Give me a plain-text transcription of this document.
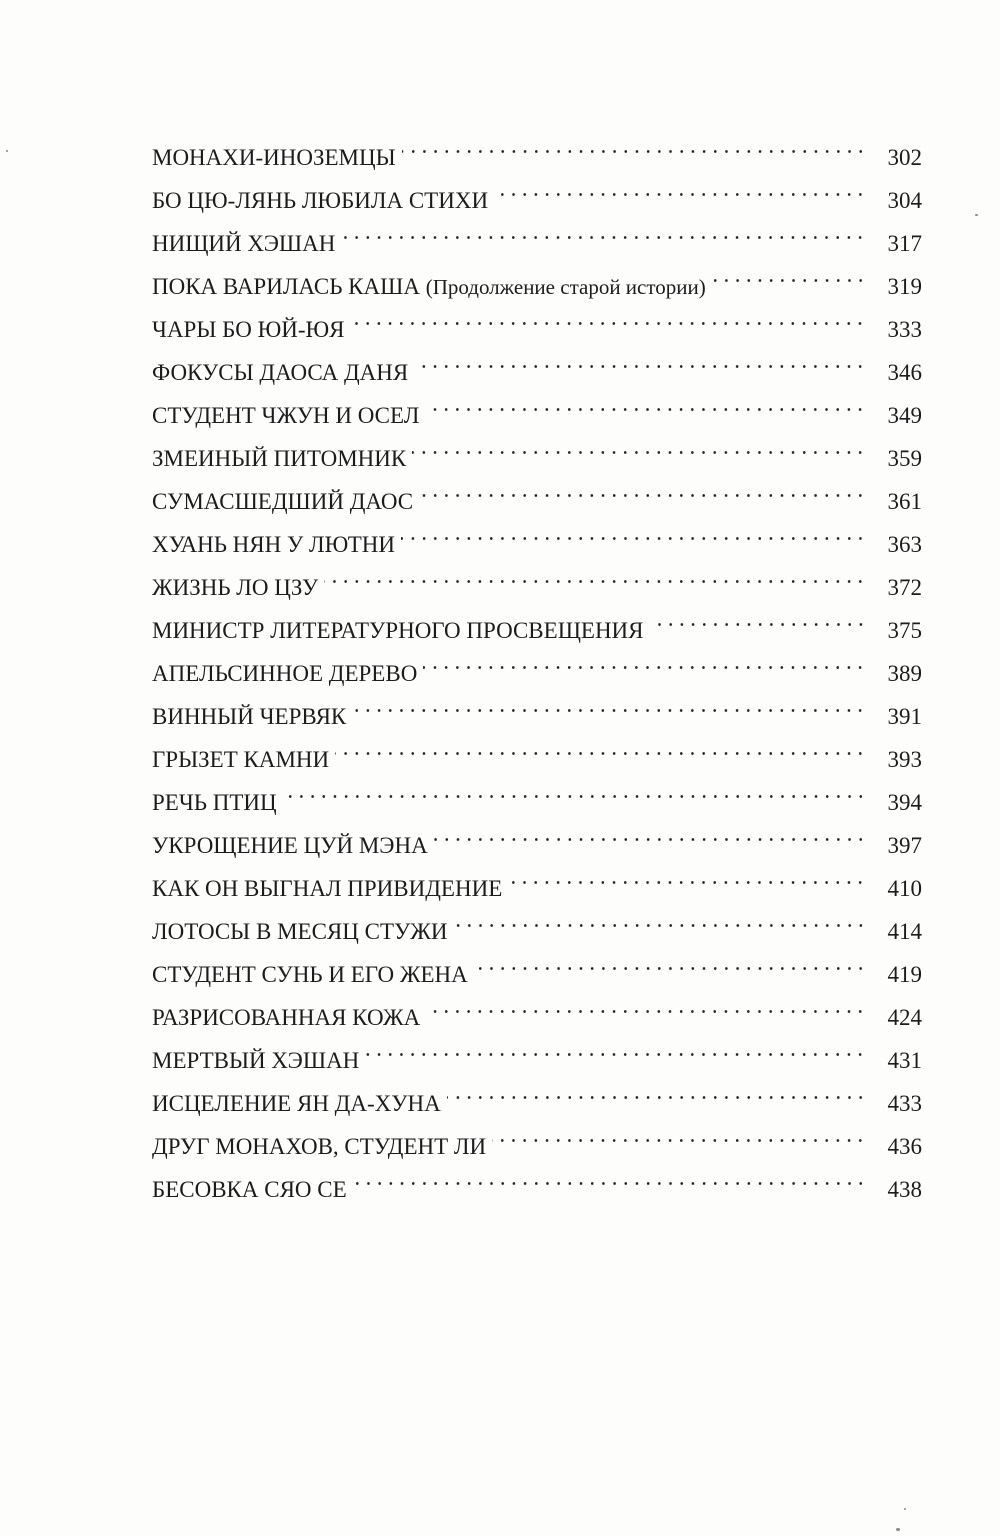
МОНАХИ-ИНОЗЕМЦЫ	302
БО ЦЮ-ЛЯНЬ ЛЮБИЛА СТИХИ	304
НИЩИЙ ХЭШАН	317
ПОКА ВАРИЛАСЬ КАША (Продолжение старой истории)	319
ЧАРЫ БО ЮЙ-ЮЯ	333
ФОКУСЫ ДАОСА ДАНЯ	346
СТУДЕНТ ЧЖУН И ОСЕЛ	349
ЗМЕИНЫЙ ПИТОМНИК	359
СУМАСШЕДШИЙ ДАОС	361
ХУАНЬ НЯН У ЛЮТНИ	363
ЖИЗНЬ ЛО ЦЗУ	372
МИНИСТР ЛИТЕРАТУРНОГО ПРОСВЕЩЕНИЯ	375
АПЕЛЬСИННОЕ ДЕРЕВО	389
ВИННЫЙ ЧЕРВЯК	391
ГРЫЗЕТ КАМНИ	393
РЕЧЬ ПТИЦ	394
УКРОЩЕНИЕ ЦУЙ МЭНА	397
КАК ОН ВЫГНАЛ ПРИВИДЕНИЕ	410
ЛОТОСЫ В МЕСЯЦ СТУЖИ	414
СТУДЕНТ СУНЬ И ЕГО ЖЕНА	419
РАЗРИСОВАННАЯ КОЖА	424
МЕРТВЫЙ ХЭШАН	431
ИСЦЕЛЕНИЕ ЯН ДА-ХУНА	433
ДРУГ МОНАХОВ, СТУДЕНТ ЛИ	436
БЕСОВКА СЯО СЕ	438
